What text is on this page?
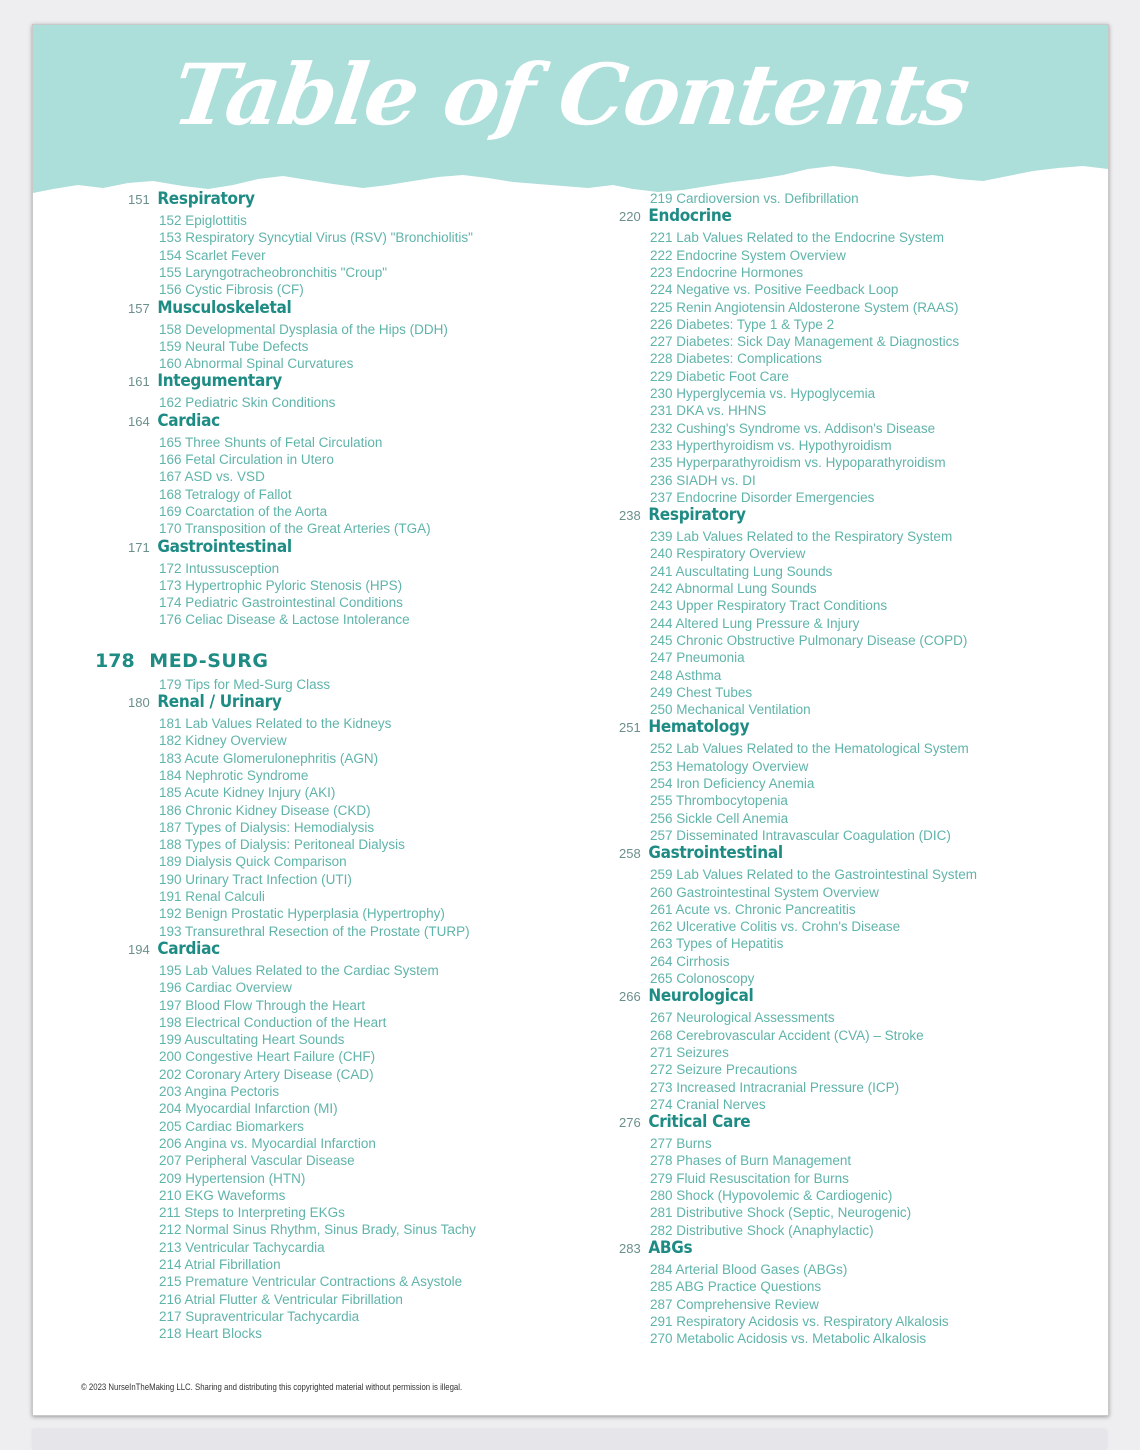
Table of Contents
151 Respiratory
152 Epiglottitis
153 Respiratory Syncytial Virus (RSV) "Bronchiolitis"
154 Scarlet Fever
155 Laryngotracheobronchitis "Croup"
156 Cystic Fibrosis (CF)
157 Musculoskeletal
158 Developmental Dysplasia of the Hips (DDH)
159 Neural Tube Defects
160 Abnormal Spinal Curvatures
161 Integumentary
162 Pediatric Skin Conditions
164 Cardiac
165 Three Shunts of Fetal Circulation
166 Fetal Circulation in Utero
167 ASD vs. VSD
168 Tetralogy of Fallot
169 Coarctation of the Aorta
170 Transposition of the Great Arteries (TGA)
171 Gastrointestinal
172 Intussusception
173 Hypertrophic Pyloric Stenosis (HPS)
174 Pediatric Gastrointestinal Conditions
176 Celiac Disease & Lactose Intolerance
178 MED-SURG
179 Tips for Med-Surg Class
180 Renal / Urinary
181 Lab Values Related to the Kidneys
182 Kidney Overview
183 Acute Glomerulonephritis (AGN)
184 Nephrotic Syndrome
185 Acute Kidney Injury (AKI)
186 Chronic Kidney Disease (CKD)
187 Types of Dialysis: Hemodialysis
188 Types of Dialysis: Peritoneal Dialysis
189 Dialysis Quick Comparison
190 Urinary Tract Infection (UTI)
191 Renal Calculi
192 Benign Prostatic Hyperplasia (Hypertrophy)
193 Transurethral Resection of the Prostate (TURP)
194 Cardiac
195 Lab Values Related to the Cardiac System
196 Cardiac Overview
197 Blood Flow Through the Heart
198 Electrical Conduction of the Heart
199 Auscultating Heart Sounds
200 Congestive Heart Failure (CHF)
202 Coronary Artery Disease (CAD)
203 Angina Pectoris
204 Myocardial Infarction (MI)
205 Cardiac Biomarkers
206 Angina vs. Myocardial Infarction
207 Peripheral Vascular Disease
209 Hypertension (HTN)
210 EKG Waveforms
211 Steps to Interpreting EKGs
212 Normal Sinus Rhythm, Sinus Brady, Sinus Tachy
213 Ventricular Tachycardia
214 Atrial Fibrillation
215 Premature Ventricular Contractions & Asystole
216 Atrial Flutter & Ventricular Fibrillation
217 Supraventricular Tachycardia
218 Heart Blocks
219 Cardioversion vs. Defibrillation
220 Endocrine
221 Lab Values Related to the Endocrine System
222 Endocrine System Overview
223 Endocrine Hormones
224 Negative vs. Positive Feedback Loop
225 Renin Angiotensin Aldosterone System (RAAS)
226 Diabetes: Type 1 & Type 2
227 Diabetes: Sick Day Management & Diagnostics
228 Diabetes: Complications
229 Diabetic Foot Care
230 Hyperglycemia vs. Hypoglycemia
231 DKA vs. HHNS
232 Cushing's Syndrome vs. Addison's Disease
233 Hyperthyroidism vs. Hypothyroidism
235 Hyperparathyroidism vs. Hypoparathyroidism
236 SIADH vs. DI
237 Endocrine Disorder Emergencies
238 Respiratory
239 Lab Values Related to the Respiratory System
240 Respiratory Overview
241 Auscultating Lung Sounds
242 Abnormal Lung Sounds
243 Upper Respiratory Tract Conditions
244 Altered Lung Pressure & Injury
245 Chronic Obstructive Pulmonary Disease (COPD)
247 Pneumonia
248 Asthma
249 Chest Tubes
250 Mechanical Ventilation
251 Hematology
252 Lab Values Related to the Hematological System
253 Hematology Overview
254 Iron Deficiency Anemia
255 Thrombocytopenia
256 Sickle Cell Anemia
257 Disseminated Intravascular Coagulation (DIC)
258 Gastrointestinal
259 Lab Values Related to the Gastrointestinal System
260 Gastrointestinal System Overview
261 Acute vs. Chronic Pancreatitis
262 Ulcerative Colitis vs. Crohn's Disease
263 Types of Hepatitis
264 Cirrhosis
265 Colonoscopy
266 Neurological
267 Neurological Assessments
268 Cerebrovascular Accident (CVA) – Stroke
271 Seizures
272 Seizure Precautions
273 Increased Intracranial Pressure (ICP)
274 Cranial Nerves
276 Critical Care
277 Burns
278 Phases of Burn Management
279 Fluid Resuscitation for Burns
280 Shock (Hypovolemic & Cardiogenic)
281 Distributive Shock (Septic, Neurogenic)
282 Distributive Shock (Anaphylactic)
283 ABGs
284 Arterial Blood Gases (ABGs)
285 ABG Practice Questions
287 Comprehensive Review
291 Respiratory Acidosis vs. Respiratory Alkalosis
270 Metabolic Acidosis vs. Metabolic Alkalosis
© 2023 NurseInTheMaking LLC. Sharing and distributing this copyrighted material without permission is illegal.
